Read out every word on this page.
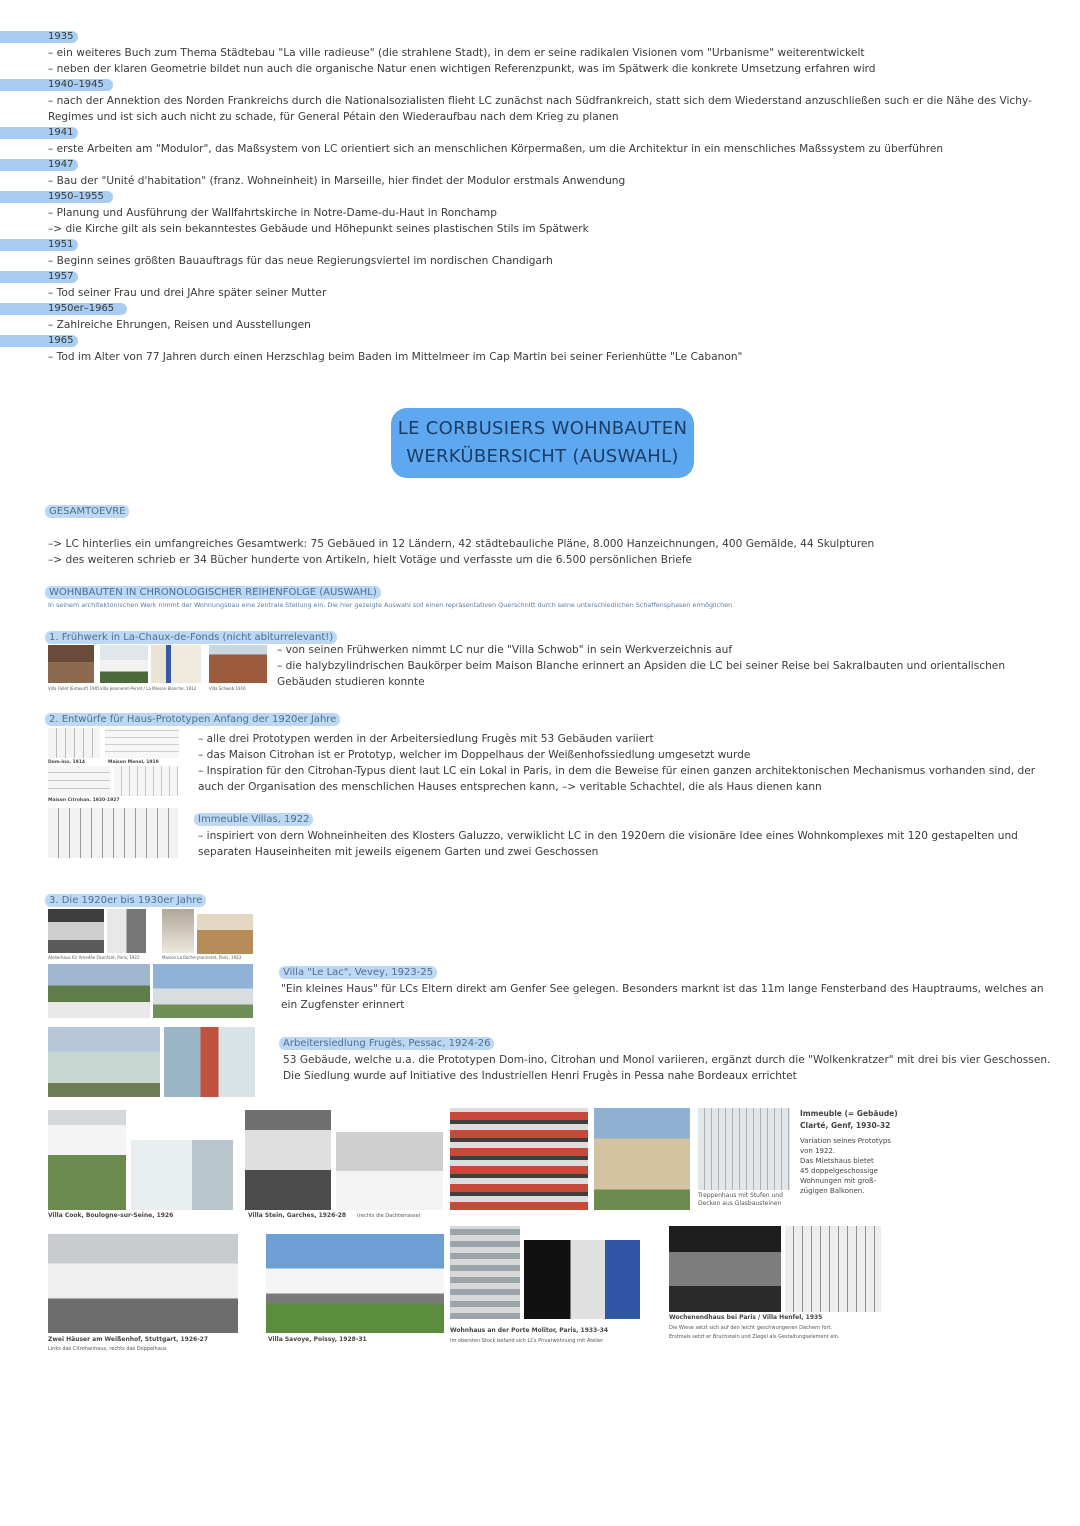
1935
– ein weiteres Buch zum Thema Städtebau "La ville radieuse" (die strahlene Stadt), in dem er seine radikalen Visionen vom "Urbanisme" weiterentwickelt
– neben der klaren Geometrie bildet nun auch die organische Natur enen wichtigen Referenzpunkt, was im Spätwerk die konkrete Umsetzung erfahren wird
1940–1945
– nach der Annektion des Norden Frankreichs durch die Nationalsozialisten flieht LC zunächst nach Südfrankreich, statt sich dem Wiederstand anzuschließen such er die Nähe des Vichy-
Regimes und ist sich auch nicht zu schade, für General Pétain den Wiederaufbau nach dem Krieg zu planen
1941
– erste Arbeiten am "Modulor", das Maßsystem von LC orientiert sich an menschlichen Körpermaßen, um die Architektur in ein menschliches Maßssystem zu überführen
1947
– Bau der "Unité d'habitation" (franz. Wohneinheit) in Marseille, hier findet der Modulor erstmals Anwendung
1950–1955
– Planung und Ausführung der Wallfahrtskirche in Notre-Dame-du-Haut in Ronchamp
–> die Kirche gilt als sein bekanntestes Gebäude und Höhepunkt seines plastischen Stils im Spätwerk
1951
– Beginn seines größten Bauauftrags für das neue Regierungsviertel im nordischen Chandigarh
1957
– Tod seiner Frau und drei JAhre später seiner Mutter
1950er–1965
– Zahlreiche Ehrungen, Reisen und Ausstellungen
1965
– Tod im Alter von 77 Jahren durch einen Herzschlag beim Baden im Mittelmeer im Cap Martin bei seiner Ferienhütte "Le Cabanon"
LE CORBUSIERS WOHNBAUTEN
WERKÜBERSICHT (AUSWAHL)
GESAMTOEVRE
–> LC hinterlies ein umfangreiches Gesamtwerk: 75 Gebäued in 12 Ländern, 42 städtebauliche Pläne, 8.000 Hanzeichnungen, 400 Gemälde, 44 Skulpturen
–> des weiteren schrieb er 34 Bücher hunderte von Artikeln, hielt Votäge und verfasste um die 6.500 persönlichen Briefe
WOHNBAUTEN IN CHRONOLOGISCHER REIHENFOLGE (AUSWAHL)
In seinem architektonischen Werk nimmt der Wohnungsbau eine zentrale Stellung ein. Die hier gezeigte Auswahl soll einen repräsentativen Querschnitt durch seine unterschiedlichen Schaffensphasen ermöglichen
1. Frühwerk in La-Chaux-de-Fonds (nicht abiturrelevant!)
Villa Fallet (Entwurf) 1905 Villa Jeanneret-Perret / La Maison Blanche, 1912	Villa Schwob 1916
– von seinen Frühwerken nimmt LC nur die "Villa Schwob" in sein Werkverzeichnis auf
– die halybzylindrischen Baukörper beim Maison Blanche erinnert an Apsiden die LC bei seiner Reise bei Sakralbauten und orientalischen
Gebäuden studieren konnte
2. Entwürfe für Haus-Prototypen Anfang der 1920er Jahre
Dom-ino, 1914	Maison Monol, 1919
Maison Citrohan, 1920-1927
– alle drei Prototypen werden in der Arbeitersiedlung Frugès mit 53 Gebäuden variiert
– das Maison Citrohan ist er Prototyp, welcher im Doppelhaus der Weißenhofssiedlung umgesetzt wurde
– Inspiration für den Citrohan-Typus dient laut LC ein Lokal in Paris, in dem die Beweise für einen ganzen architektonischen Mechanismus vorhanden sind, der
auch der Organisation des menschlichen Hauses entsprechen kann, –> veritable Schachtel, die als Haus dienen kann
Immeuble Villas, 1922
– inspiriert von dern Wohneinheiten des Klosters Galuzzo, verwiklicht LC in den 1920ern die visionäre Idee eines Wohnkomplexes mit 120 gestapelten und
separaten Hauseinheiten mit jeweils eigenem Garten und zwei Geschossen
3. Die 1920er bis 1930er Jahre
Atelierhaus für Amedée Ozenfant, Paris, 1922	Maison La Roche-Jeanneret, Paris, 1923
Villa "Le Lac", Vevey, 1923-25
"Ein kleines Haus" für LCs Eltern direkt am Genfer See gelegen. Besonders marknt ist das 11m lange Fensterband des Hauptraums, welches an
ein Zugfenster erinnert
Arbeitersiedlung Frugès, Pessac, 1924-26
53 Gebäude, welche u.a. die Prototypen Dom-ino, Citrohan und Monol variieren, ergänzt durch die "Wolkenkratzer" mit drei bis vier Geschossen.
Die Siedlung wurde auf Initiative des Industriellen Henri Frugès in Pessa nahe Bordeaux errichtet
Villa Cook, Boulogne-sur-Seine, 1926	Villa Stein, Garches, 1926-28 (rechts die Dachterrasse)
Treppenhaus mit Stufen und Decken aus Glasbausteinen
Immeuble (= Gebäude)
Clarté, Genf, 1930-32
Variation seines Prototyps
von 1922.
Das Mietshaus bietet
45 doppelgeschossige
Wohnungen mit groß-
zügigen Balkonen.
Zwei Häuser am Weißenhof, Stuttgart, 1926-27
Links das Citrohanhaus, rechts das Doppelhaus
Villa Savoye, Poissy, 1928-31
Wohnhaus an der Porte Molitor, Paris, 1933-34
Im obersten Stock befand sich LCs Privatwohnung mit Atelier
Wochenendhaus bei Paris / Villa Henfel, 1935
Die Wiese setzt sich auf den leicht geschwungenen Dächern fort.
Erstmals setzt er Bruchstein und Ziegel als Gestaltungselement ein.
